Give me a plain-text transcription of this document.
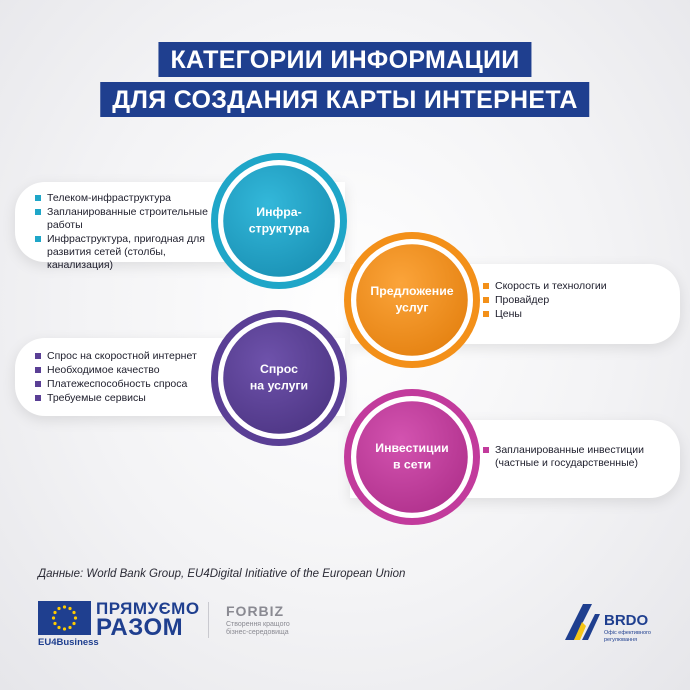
КАТЕГОРИИ ИНФОРМАЦИИ
ДЛЯ СОЗДАНИЯ КАРТЫ ИНТЕРНЕТА
Телеком-инфраструктура
Запланированные строительные работы
Инфраструктура, пригодная для развития сетей (столбы, канализация)
Скорость и технологии
Провайдер
Цены
Спрос на скоростной интернет
Необходимое качество
Платежеспособность спроса
Требуемые сервисы
Запланированные инвестиции (частные и государственные)
Инфра-
структура
Предложение
услуг
Спрос
на услуги
Инвестиции
в сети
Данные: World Bank Group, EU4Digital Initiative of the European Union
EU4Business
ПРЯМУЄМО
РАЗОМ
FORBIZ
Створення кращого бізнес-середовища
BRDO
Офіс ефективного регулювання
